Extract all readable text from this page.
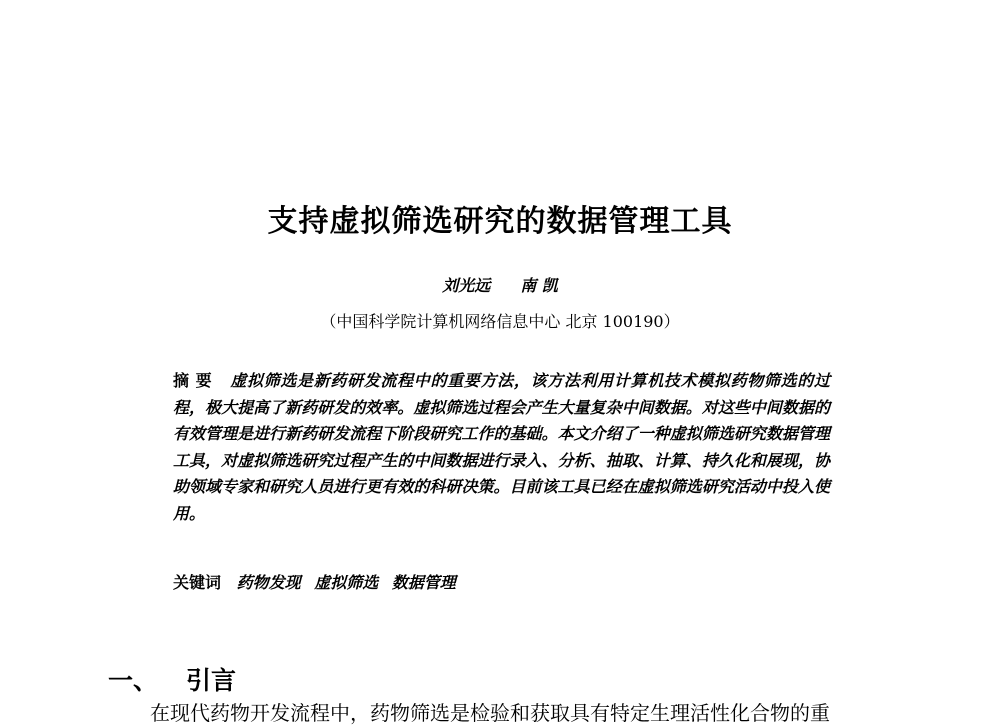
支持虚拟筛选研究的数据管理工具
刘光远 南 凯
（中国科学院计算机网络信息中心 北京 100190）
摘要 虚拟筛选是新药研发流程中的重要方法，该方法利用计算机技术模拟药物筛选的过程，极大提高了新药研发的效率。虚拟筛选过程会产生大量复杂中间数据。对这些中间数据的有效管理是进行新药研发流程下阶段研究工作的基础。本文介绍了一种虚拟筛选研究数据管理工具，对虚拟筛选研究过程产生的中间数据进行录入、分析、抽取、计算、持久化和展现，协助领域专家和研究人员进行更有效的科研决策。目前该工具已经在虚拟筛选研究活动中投入使用。
关键词 药物发现 虚拟筛选 数据管理
一、 引言
在现代药物开发流程中，药物筛选是检验和获取具有特定生理活性化合物的重
